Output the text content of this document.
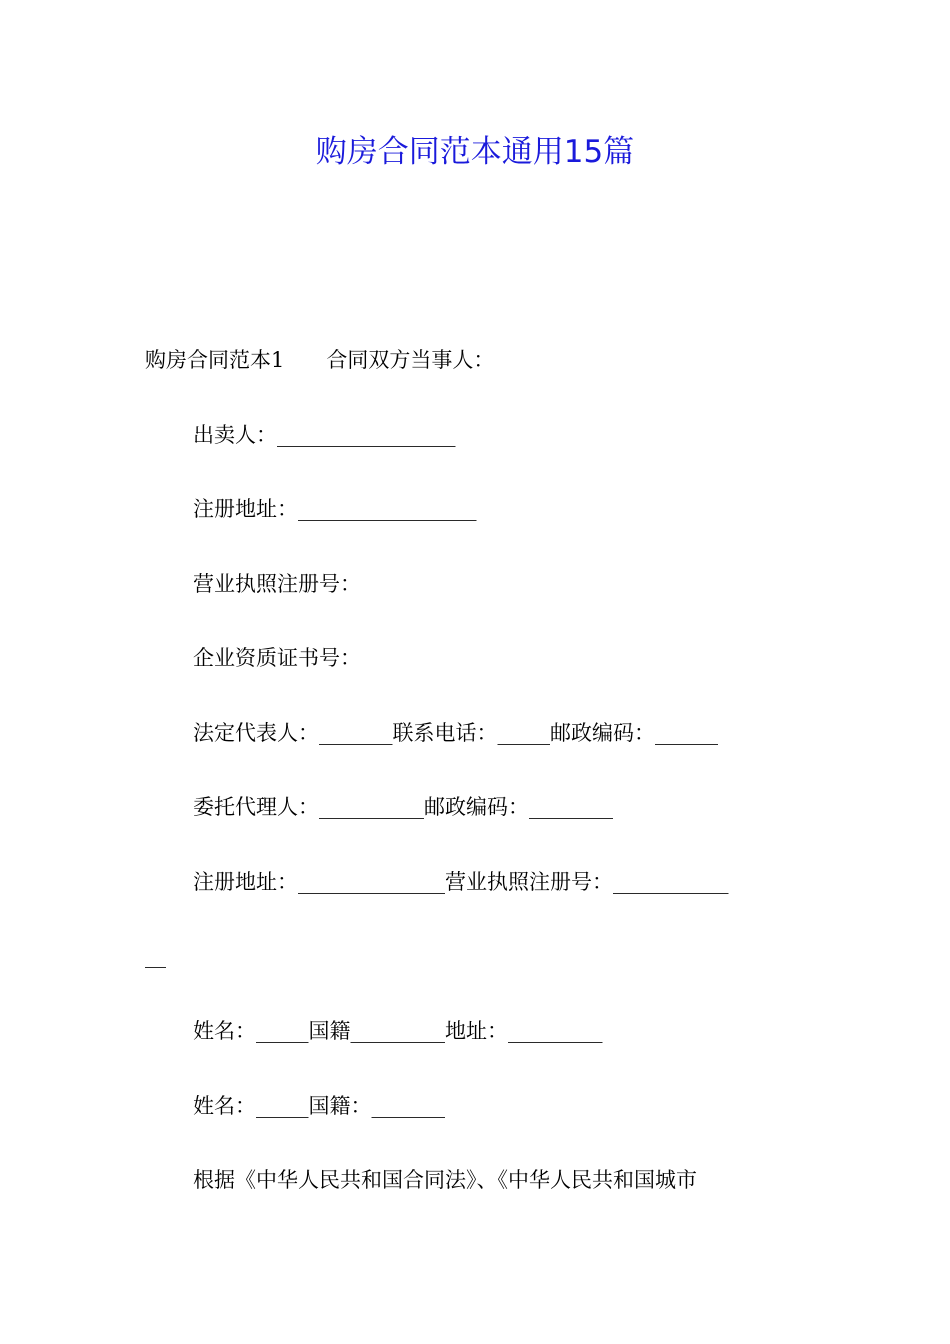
购房合同范本通用15篇
购房合同范本1　　合同双方当事人：
出卖人：_________________
注册地址：_________________
营业执照注册号：
企业资质证书号：
法定代表人：_______联系电话：_____邮政编码：______
委托代理人：__________邮政编码：________
注册地址：______________营业执照注册号：___________
__
姓名：_____国籍_________地址：_________
姓名：_____国籍：_______
根据《中华人民共和国合同法》、《中华人民共和国城市
